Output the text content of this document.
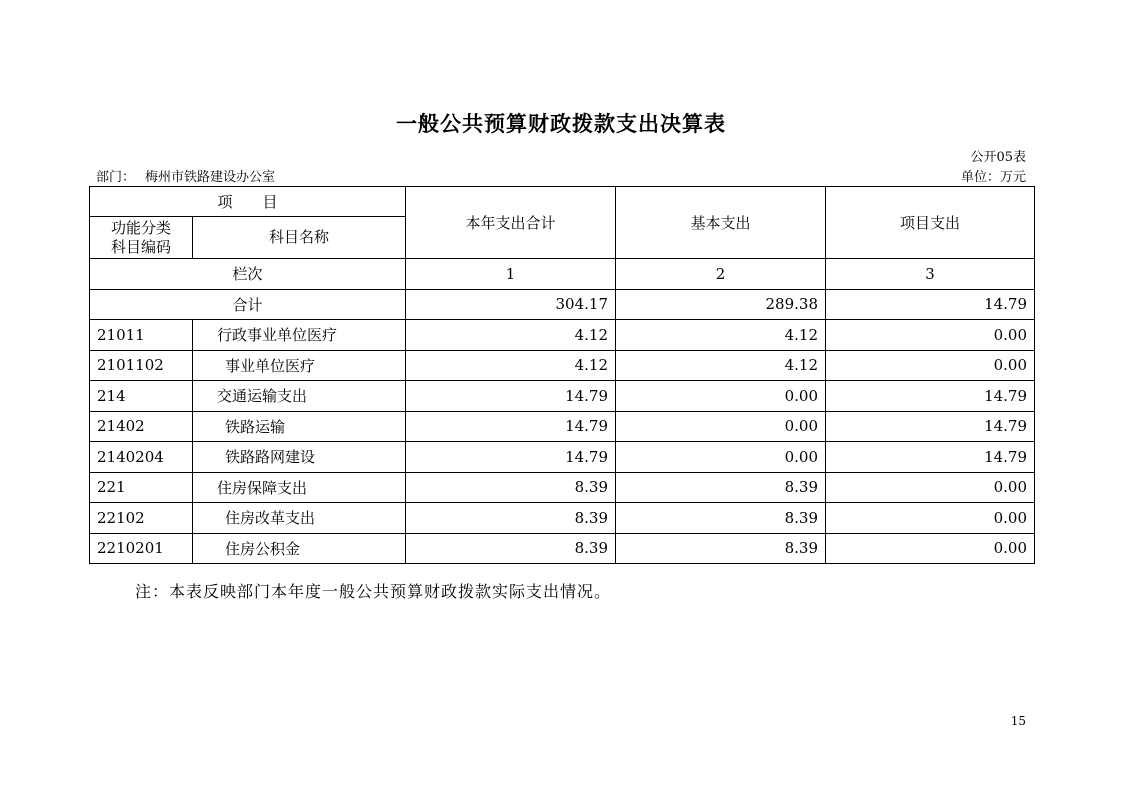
一般公共预算财政拨款支出决算表
公开05表
部门： 梅州市铁路建设办公室	单位：万元
项　　目		本年支出合计	基本支出	项目支出

功能分类
科目编码	科目名称			
栏次		1	2	3
合计		304.17	289.38	14.79
21011	行政事业单位医疗	4.12	4.12	0.00
2101102	事业单位医疗	4.12	4.12	0.00
214	交通运输支出	14.79	0.00	14.79
21402	铁路运输	14.79	0.00	14.79
2140204	铁路路网建设	14.79	0.00	14.79
221	住房保障支出	8.39	8.39	0.00
22102	住房改革支出	8.39	8.39	0.00
2210201	住房公积金	8.39	8.39	0.00
注：本表反映部门本年度一般公共预算财政拨款实际支出情况。
15
